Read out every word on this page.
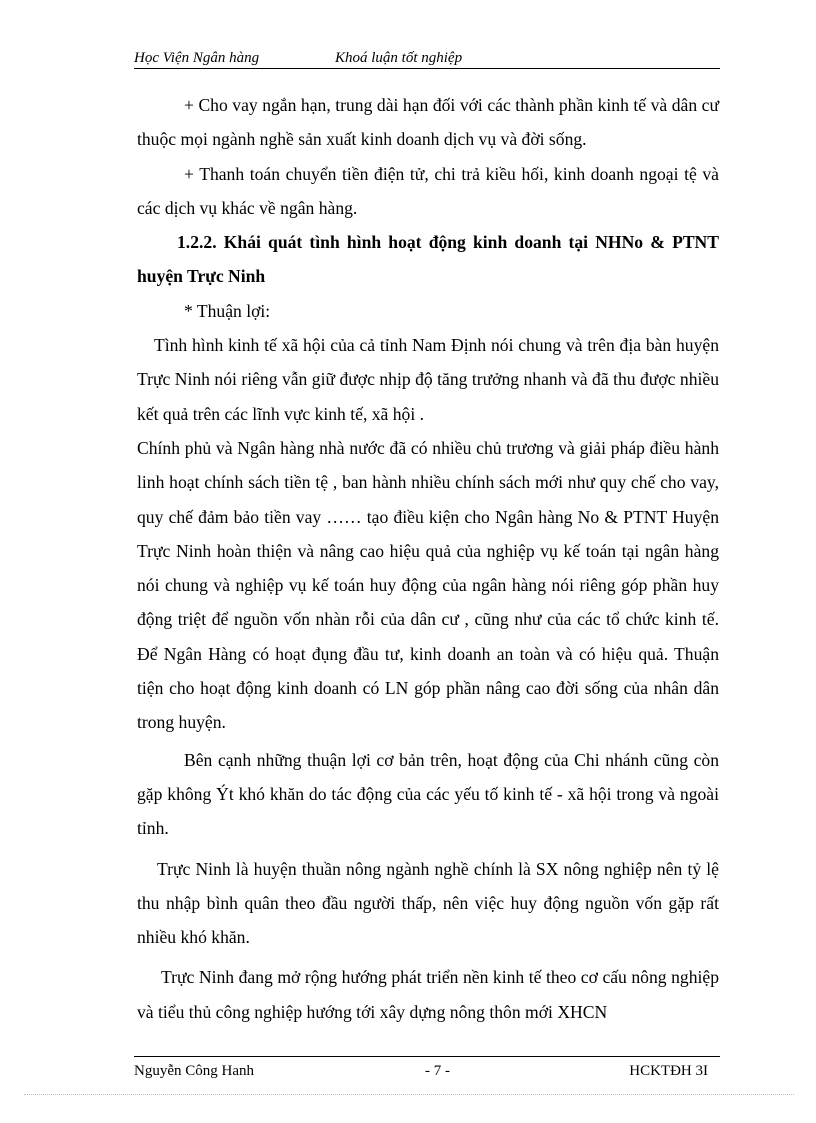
Học Viện Ngân hàng	Khoá luận tốt nghiệp

+ Cho vay ngắn hạn, trung dài hạn đối với các thành phần kinh tế và dân cư thuộc mọi ngành nghề sản xuất kinh doanh dịch vụ và đời sống.

+ Thanh toán chuyển tiền điện tử, chi trả kiều hối, kinh doanh ngoại tệ và các dịch vụ khác về ngân hàng.

1.2.2. Khái quát tình hình hoạt động kinh doanh tại NHNo & PTNT huyện Trực Ninh

* Thuận lợi:

Tình hình kinh tế xã hội của cả tỉnh Nam Định nói chung và trên địa bàn huyện Trực Ninh nói riêng vẫn giữ được nhịp độ tăng trưởng nhanh và đã thu được nhiều kết quả trên các lĩnh vực kinh tế, xã hội .

Chính phủ và Ngân hàng nhà nước đã có nhiều chủ trương và giải pháp điều hành linh hoạt chính sách tiền tệ , ban hành nhiều chính sách mới như quy chế cho vay, quy chế đảm bảo tiền vay …… tạo điều kiện cho Ngân hàng No & PTNT Huyện Trực Ninh hoàn thiện và nâng cao hiệu quả của nghiệp vụ kế toán tại ngân hàng nói chung và nghiệp vụ kế toán huy động của ngân hàng nói riêng góp phần huy động triệt để nguồn vốn nhàn rỗi của dân cư , cũng như của các tổ chức kinh tế. Để Ngân Hàng có hoạt đụng đầu tư, kinh doanh an toàn và có hiệu quả. Thuận tiện cho hoạt động kinh doanh có LN góp phần nâng cao đời sống của nhân dân trong huyện.

Bên cạnh những thuận lợi cơ bản trên, hoạt động của Chi nhánh cũng còn gặp không Ýt khó khăn do tác động của các yếu tố kinh tế - xã hội trong và ngoài tỉnh.

Trực Ninh là huyện thuần nông ngành nghề chính là SX nông nghiệp nên tỷ lệ thu nhập bình quân theo đầu người thấp, nên việc huy động nguồn vốn gặp rất nhiều khó khăn.

Trực Ninh đang mở rộng hướng phát triển nền kinh tế theo cơ cấu nông nghiệp và tiểu thủ công nghiệp hướng tới xây dựng nông thôn mới XHCN

Nguyễn Công Hanh	- 7 -	HCKTĐH 3I
